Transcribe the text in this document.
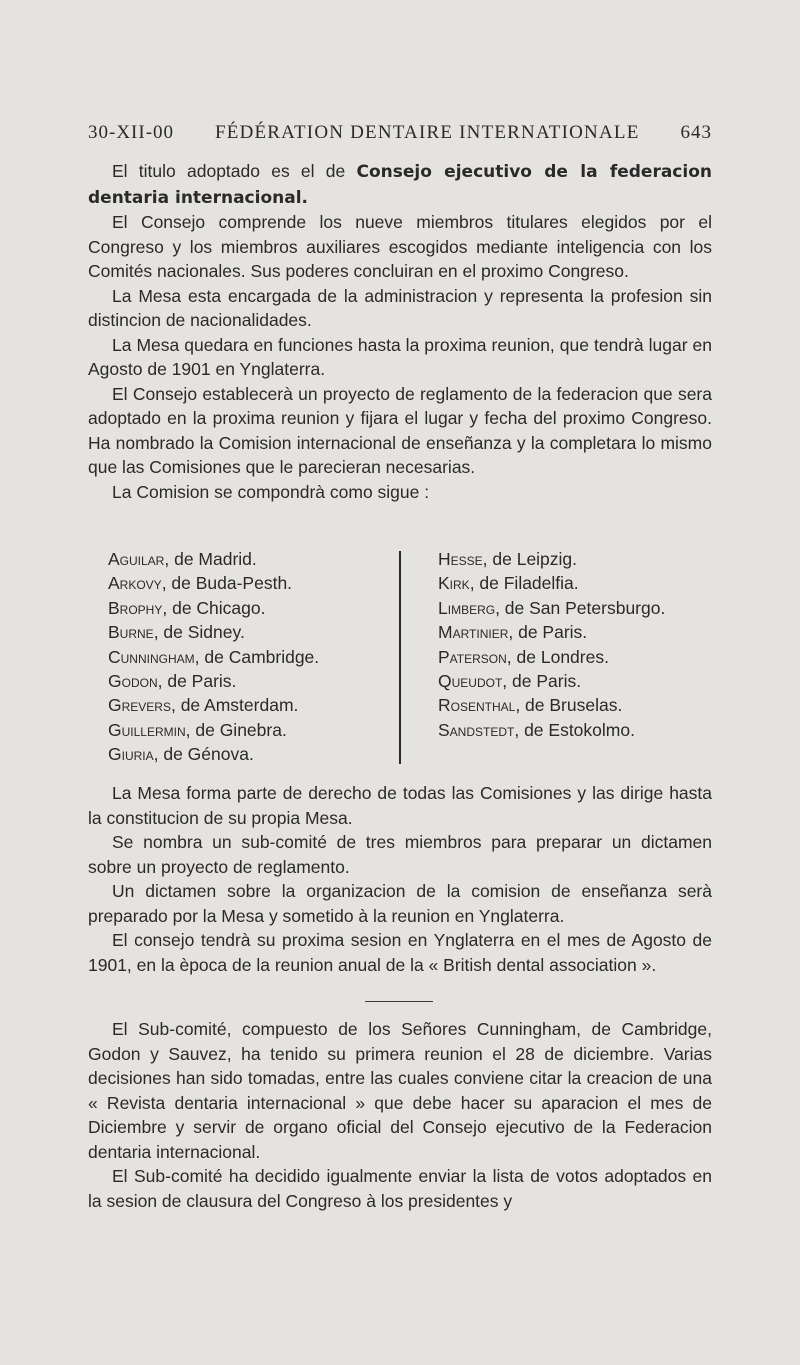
30-XII-00 FÉDÉRATION DENTAIRE INTERNATIONALE 643

El titulo adoptado es el de Consejo ejecutivo de la federacion dentaria internacional.

El Consejo comprende los nueve miembros titulares elegidos por el Congreso y los miembros auxiliares escogidos mediante inteligencia con los Comités nacionales. Sus poderes concluiran en el proximo Congreso.

La Mesa esta encargada de la administracion y representa la profesion sin distincion de nacionalidades.

La Mesa quedara en funciones hasta la proxima reunion, que tendrà lugar en Agosto de 1901 en Ynglaterra.

El Consejo establecerà un proyecto de reglamento de la federacion que sera adoptado en la proxima reunion y fijara el lugar y fecha del proximo Congreso. Ha nombrado la Comision internacional de enseñanza y la completara lo mismo que las Comisiones que le parecieran necesarias.

La Comision se compondrà como sigue :

Aguilar, de Madrid.
Arkovy, de Buda-Pesth.
Brophy, de Chicago.
Burne, de Sidney.
Cunningham, de Cambridge.
Godon, de Paris.
Grevers, de Amsterdam.
Guillermin, de Ginebra.
Giuria, de Génova.
Hesse, de Leipzig.
Kirk, de Filadelfia.
Limberg, de San Petersburgo.
Martinier, de Paris.
Paterson, de Londres.
Queudot, de Paris.
Rosenthal, de Bruselas.
Sandstedt, de Estokolmo.

La Mesa forma parte de derecho de todas las Comisiones y las dirige hasta la constitucion de su propia Mesa.

Se nombra un sub-comité de tres miembros para preparar un dictamen sobre un proyecto de reglamento.

Un dictamen sobre la organizacion de la comision de enseñanza serà preparado por la Mesa y sometido à la reunion en Ynglaterra.

El consejo tendrà su proxima sesion en Ynglaterra en el mes de Agosto de 1901, en la època de la reunion anual de la « British dental association ».

El Sub-comité, compuesto de los Señores Cunningham, de Cambridge, Godon y Sauvez, ha tenido su primera reunion el 28 de diciembre. Varias decisiones han sido tomadas, entre las cuales conviene citar la creacion de una « Revista dentaria internacional » que debe hacer su aparacion el mes de Diciembre y servir de organo oficial del Consejo ejecutivo de la Federacion dentaria internacional.

El Sub-comité ha decidido igualmente enviar la lista de votos adoptados en la sesion de clausura del Congreso à los presidentes y
